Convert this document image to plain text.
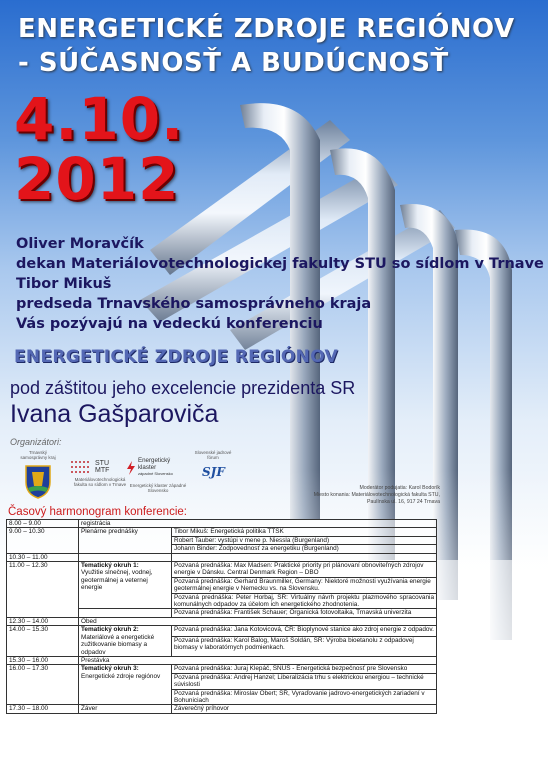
ENERGETICKÉ ZDROJE REGIÓNOV
- SÚČASNOSŤ A BUDÚCNOSŤ
4.10.
2012
Oliver Moravčík
dekan Materiálovotechnologickej fakulty STU so sídlom v Trnave
Tibor Mikuš
predseda Trnavského samosprávneho kraja
Vás pozývajú na vedeckú konferenciu
ENERGETICKÉ ZDROJE REGIÓNOV
pod záštitou jeho excelencie prezidenta SR
Ivana Gašparoviča
Organizátori:
Trnavský samosprávny kraj
STU
MTF
Materiálovotechnologická fakulta so sídlom v Trnave
Energetický klaster
západné Slovensko
Energetický klaster západné Slovensko
Slovenské jadrové fórum
SJF
Moderátor podujatia: Karol Bodorík
Miesto konania: Materiálovotechnologická fakulta STU,
Paulínska ul. 16, 917 24 Trnava
Časový harmonogram konferencie:
8.00 – 9.00	registrácia	
9.00 – 10.30	Plenárne prednášky	Tibor Mikuš: Energetická politika TTSK
		Robert Tauber: vystúpi v mene p. Niessla (Burgenland)
		Johann Binder: Zodpovednosť za energetiku (Burgenland)
10.30 – 11.00		
11.00 – 12.30	Tematický okruh 1:
Využitie slnečnej, vodnej, geotermálnej a veternej energie	Pozvaná prednáška: Max Madsen: Praktické priority pri plánovaní obnoviteľných zdrojov energie v Dánsku. Central Denmark Region – DBO
		Pozvaná prednáška: Gerhard Braunmiller, Germany: Niektoré možnosti využívania energie geotermálnej energie v Nemecku vs. na Slovensku.
		Pozvaná prednáška: Peter Horbaj, SR: Virtuálny návrh projektu plazmového spracovania komunálnych odpadov za účelom ich energetického zhodnotenia.
		Pozvaná prednáška: František Schauer; Organická fotovoltaika, Trnavská univerzita
12.30 – 14.00	Obed	
14.00 – 15.30	Tematický okruh 2:
Materiálové a energetické zužitkovanie biomasy a odpadov	Pozvaná prednáška: Jana Kotovicová, ČR: Bioplynové stanice ako zdroj energie z odpadov.
		Pozvaná prednáška: Karol Balog, Maroš Soldán, SR: Výroba bioetanolu z odpadovej biomasy v laboratórnych podmienkach.
15.30 – 16.00	Prestávka	
16.00 – 17.30	Tematický okruh 3:
Energetické zdroje regiónov	Pozvaná prednáška: Juraj Klepáč, SNUS - Energetická bezpečnosť pre Slovensko
		Pozvaná prednáška: Andrej Hanzel; Liberalizácia trhu s elektrickou energiou – technické súvislosti
		Pozvaná prednáška: Miroslav Obert; SR, Vyraďovanie jadrovo-energetických zariadení v Bohuniciach
17.30 – 18.00	Záver	Záverečný príhovor
